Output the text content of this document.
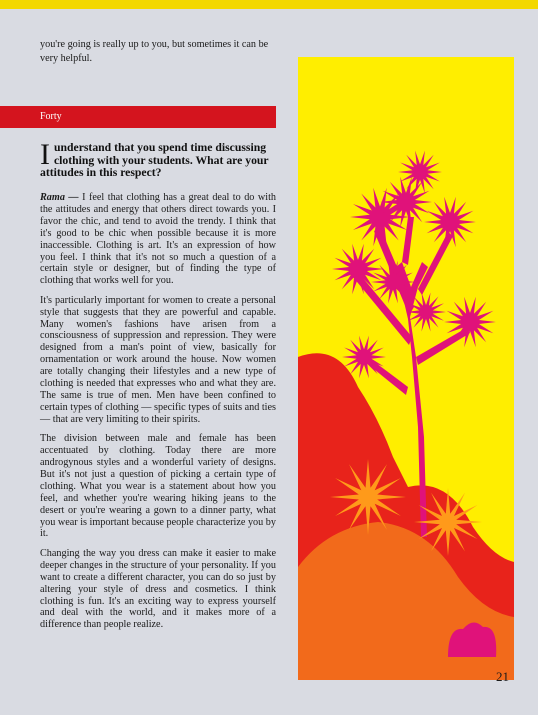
you're going is really up to you, but sometimes it can be very helpful.

Forty
Iunderstand that you spend time discussing clothing with your students. What are your attitudes in this respect?

Rama — I feel that clothing has a great deal to do with the attitudes and energy that others direct towards you. I favor the chic, and tend to avoid the trendy. I think that it's good to be chic when possible because it is more inaccessible. Clothing is art. It's an expression of how you feel. I think that it's not so much a question of a certain style or designer, but of finding the type of clothing that works well for you.

It's particularly important for women to create a personal style that suggests that they are powerful and capable. Many women's fashions have arisen from a consciousness of suppression and repression. They were designed from a man's point of view, basically for ornamentation or work around the house. Now women are totally changing their lifestyles and a new type of clothing is needed that expresses who and what they are. The same is true of men. Men have been confined to certain types of clothing — specific types of suits and ties — that are very limiting to their spirits.

The division between male and female has been accentuated by clothing. Today there are more androgynous styles and a wonderful variety of designs. But it's not just a question of picking a certain type of clothing. What you wear is a statement about how you feel, and whether you're wearing hiking jeans to the desert or you're wearing a gown to a dinner party, what you wear is important because people characterize you by it.

Changing the way you dress can make it easier to make deeper changes in the structure of your personality. If you want to create a different character, you can do so just by altering your style of dress and cosmetics. I think clothing is fun. It's an exciting way to express yourself and deal with the world, and it makes more of a difference than people realize.

21
